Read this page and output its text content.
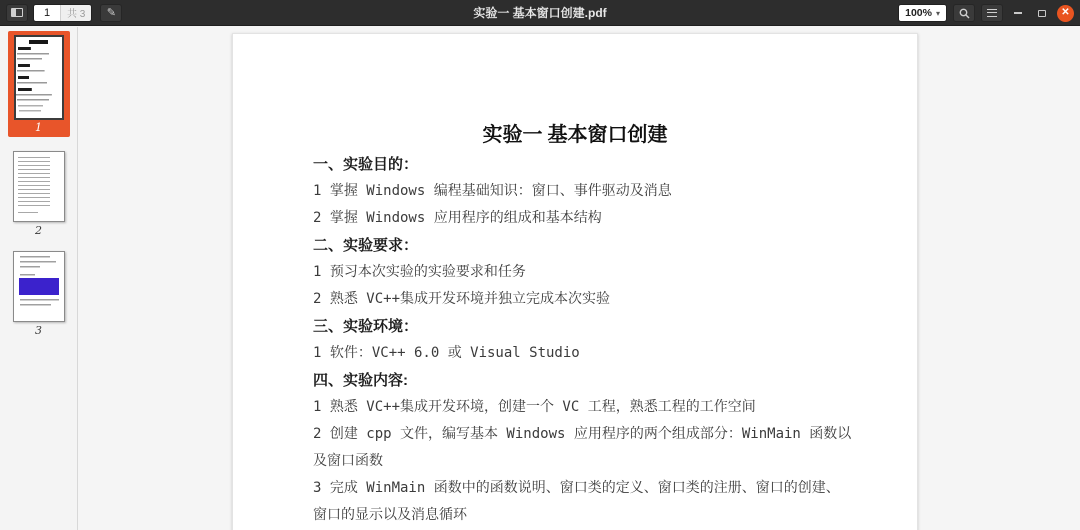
1
共 3	✎	实验一 基本窗口创建.pdf	100% ▾	✕
1
2
3
实验一 基本窗口创建
一、实验目的：
1 掌握 Windows 编程基础知识：窗口、事件驱动及消息
2 掌握 Windows 应用程序的组成和基本结构
二、实验要求：
1 预习本次实验的实验要求和任务
2 熟悉 VC++集成开发环境并独立完成本次实验
三、实验环境：
1 软件：VC++ 6.0 或 Visual Studio
四、实验内容:
1 熟悉 VC++集成开发环境，创建一个 VC 工程，熟悉工程的工作空间
2 创建 cpp 文件，编写基本 Windows 应用程序的两个组成部分：WinMain 函数以
及窗口函数
3 完成 WinMain 函数中的函数说明、窗口类的定义、窗口类的注册、窗口的创建、
窗口的显示以及消息循环
